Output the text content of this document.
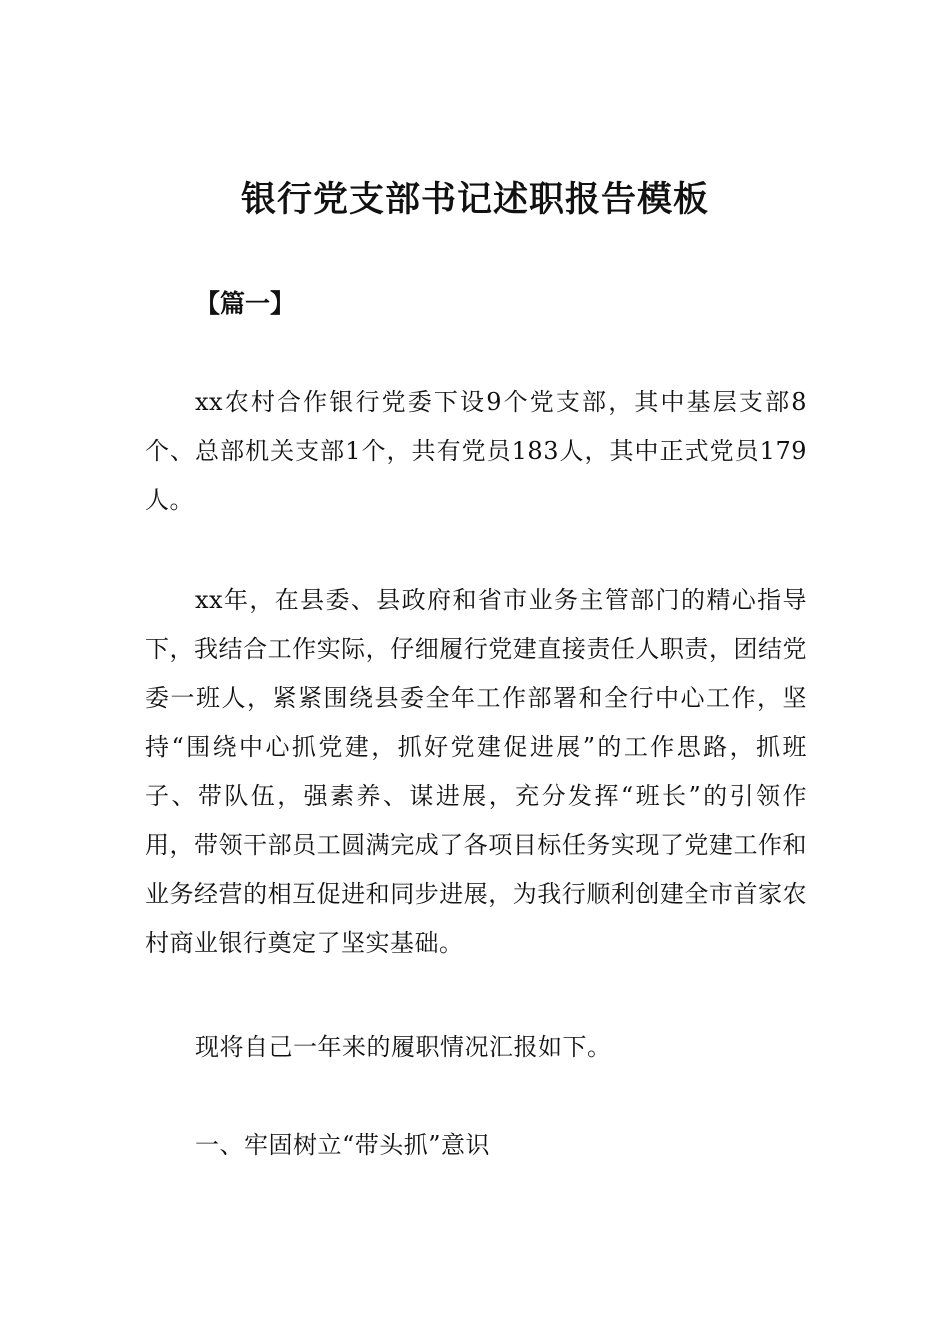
银行党支部书记述职报告模板
【篇一】

xx农村合作银行党委下设9个党支部，其中基层支部8个、总部机关支部1个，共有党员183人，其中正式党员179人。

xx年，在县委、县政府和省市业务主管部门的精心指导下，我结合工作实际，仔细履行党建直接责任人职责，团结党委一班人，紧紧围绕县委全年工作部署和全行中心工作，坚持“围绕中心抓党建，抓好党建促进展”的工作思路，抓班子、带队伍，强素养、谋进展，充分发挥“班长”的引领作用，带领干部员工圆满完成了各项目标任务实现了党建工作和业务经营的相互促进和同步进展，为我行顺利创建全市首家农村商业银行奠定了坚实基础。

现将自己一年来的履职情况汇报如下。

一、牢固树立“带头抓”意识
